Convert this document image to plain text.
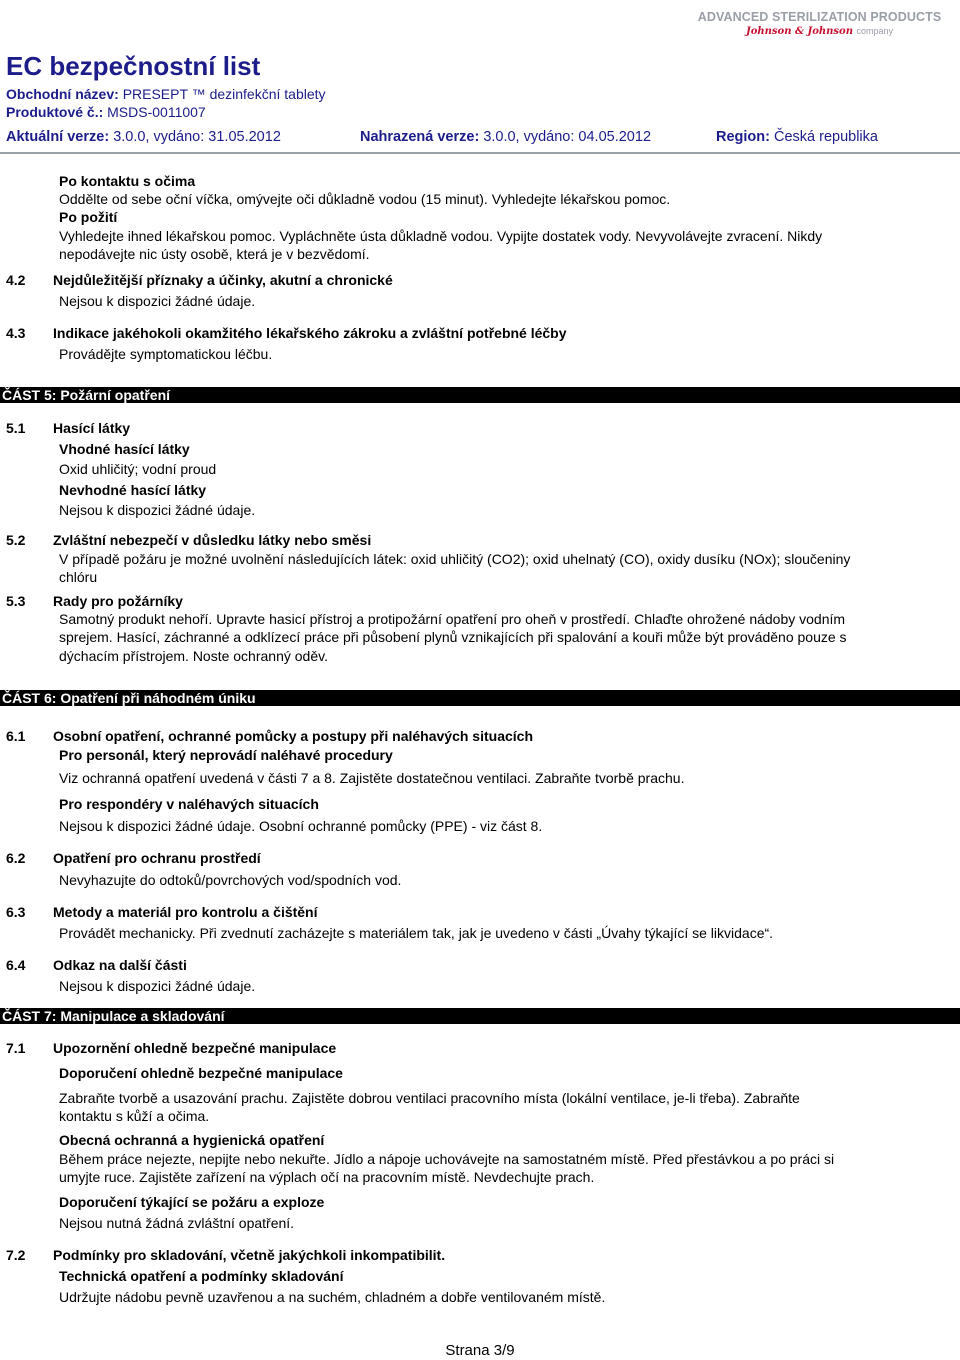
ADVANCED STERILIZATION PRODUCTS
Johnson & Johnson company
EC bezpečnostní list
Obchodní název: PRESEPT ™ dezinfekční tablety
Produktové č.: MSDS-0011007
Aktuální verze: 3.0.0, vydáno: 31.05.2012	Nahrazená verze: 3.0.0, vydáno: 04.05.2012	Region: Česká republika
Po kontaktu s očima
Oddělte od sebe oční víčka, omývejte oči důkladně vodou (15 minut). Vyhledejte lékařskou pomoc.
Po požití
Vyhledejte ihned lékařskou pomoc. Vypláchněte ústa důkladně vodou. Vypijte dostatek vody. Nevyvolávejte zvracení. Nikdy
nepodávejte nic ústy osobě, která je v bezvědomí.
4.2 Nejdůležitější příznaky a účinky, akutní a chronické
Nejsou k dispozici žádné údaje.
4.3 Indikace jakéhokoli okamžitého lékařského zákroku a zvláštní potřebné léčby
Provádějte symptomatickou léčbu.
ČÁST 5: Požární opatření
5.1 Hasící látky
Vhodné hasící látky
Oxid uhličitý; vodní proud
Nevhodné hasící látky
Nejsou k dispozici žádné údaje.
5.2 Zvláštní nebezpečí v důsledku látky nebo směsi
V případě požáru je možné uvolnění následujících látek: oxid uhličitý (CO2); oxid uhelnatý (CO), oxidy dusíku (NOx); sloučeniny
chlóru
5.3 Rady pro požárníky
Samotný produkt nehoří. Upravte hasicí přístroj a protipožární opatření pro oheň v prostředí. Chlaďte ohrožené nádoby vodním
sprejem. Hasící, záchranné a odklízecí práce při působení plynů vznikajících při spalování a kouři může být prováděno pouze s
dýchacím přístrojem. Noste ochranný oděv.
ČÁST 6: Opatření při náhodném úniku
6.1 Osobní opatření, ochranné pomůcky a postupy při naléhavých situacích
Pro personál, který neprovádí naléhavé procedury
Viz ochranná opatření uvedená v části 7 a 8. Zajistěte dostatečnou ventilaci. Zabraňte tvorbě prachu.
Pro respondéry v naléhavých situacích
Nejsou k dispozici žádné údaje. Osobní ochranné pomůcky (PPE) - viz část 8.
6.2 Opatření pro ochranu prostředí
Nevyhazujte do odtoků/povrchových vod/spodních vod.
6.3 Metody a materiál pro kontrolu a čištění
Provádět mechanicky. Při zvednutí zacházejte s materiálem tak, jak je uvedeno v části „Úvahy týkající se likvidace“.
6.4 Odkaz na další části
Nejsou k dispozici žádné údaje.
ČÁST 7: Manipulace a skladování
7.1 Upozornění ohledně bezpečné manipulace
Doporučení ohledně bezpečné manipulace
Zabraňte tvorbě a usazování prachu. Zajistěte dobrou ventilaci pracovního místa (lokální ventilace, je-li třeba). Zabraňte
kontaktu s kůží a očima.
Obecná ochranná a hygienická opatření
Během práce nejezte, nepijte nebo nekuřte. Jídlo a nápoje uchovávejte na samostatném místě. Před přestávkou a po práci si
umyjte ruce. Zajistěte zařízení na výplach očí na pracovním místě. Nevdechujte prach.
Doporučení týkající se požáru a exploze
Nejsou nutná žádná zvláštní opatření.
7.2 Podmínky pro skladování, včetně jakýchkoli inkompatibilit.
Technická opatření a podmínky skladování
Udržujte nádobu pevně uzavřenou a na suchém, chladném a dobře ventilovaném místě.
Strana 3/9
